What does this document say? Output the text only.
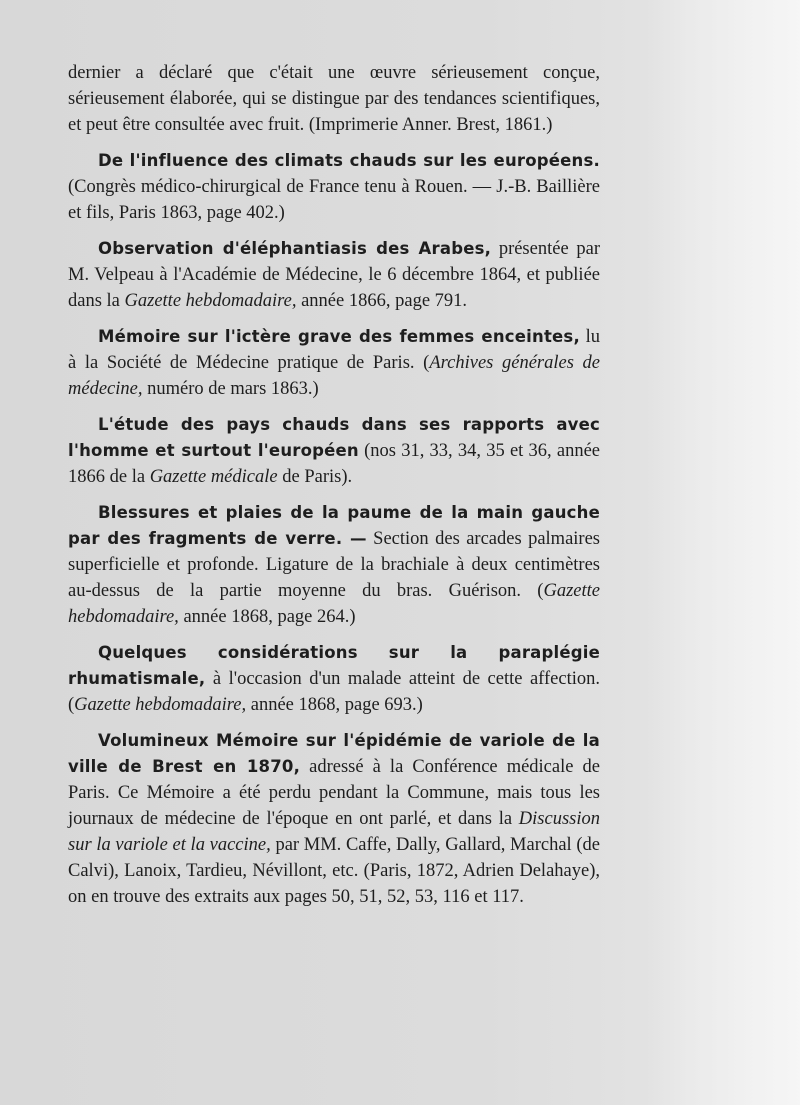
dernier a déclaré que c'était une œuvre sérieusement conçue, sérieusement élaborée, qui se distingue par des tendances scientifiques, et peut être consultée avec fruit. (Imprimerie Anner. Brest, 1861.)

De l'influence des climats chauds sur les européens. (Congrès médico-chirurgical de France tenu à Rouen. — J.-B. Baillière et fils, Paris 1863, page 402.)

Observation d'éléphantiasis des Arabes, présentée par M. Velpeau à l'Académie de Médecine, le 6 décembre 1864, et publiée dans la Gazette hebdomadaire, année 1866, page 791.

Mémoire sur l'ictère grave des femmes enceintes, lu à la Société de Médecine pratique de Paris. (Archives générales de médecine, numéro de mars 1863.)

L'étude des pays chauds dans ses rapports avec l'homme et surtout l'européen (nos 31, 33, 34, 35 et 36, année 1866 de la Gazette médicale de Paris).

Blessures et plaies de la paume de la main gauche par des fragments de verre. — Section des arcades palmaires superficielle et profonde. Ligature de la brachiale à deux centimètres au-dessus de la partie moyenne du bras. Guérison. (Gazette hebdomadaire, année 1868, page 264.)

Quelques considérations sur la paraplégie rhumatismale, à l'occasion d'un malade atteint de cette affection. (Gazette hebdomadaire, année 1868, page 693.)

Volumineux Mémoire sur l'épidémie de variole de la ville de Brest en 1870, adressé à la Conférence médicale de Paris. Ce Mémoire a été perdu pendant la Commune, mais tous les journaux de médecine de l'époque en ont parlé, et dans la Discussion sur la variole et la vaccine, par MM. Caffe, Dally, Gallard, Marchal (de Calvi), Lanoix, Tardieu, Névillont, etc. (Paris, 1872, Adrien Delahaye), on en trouve des extraits aux pages 50, 51, 52, 53, 116 et 117.
